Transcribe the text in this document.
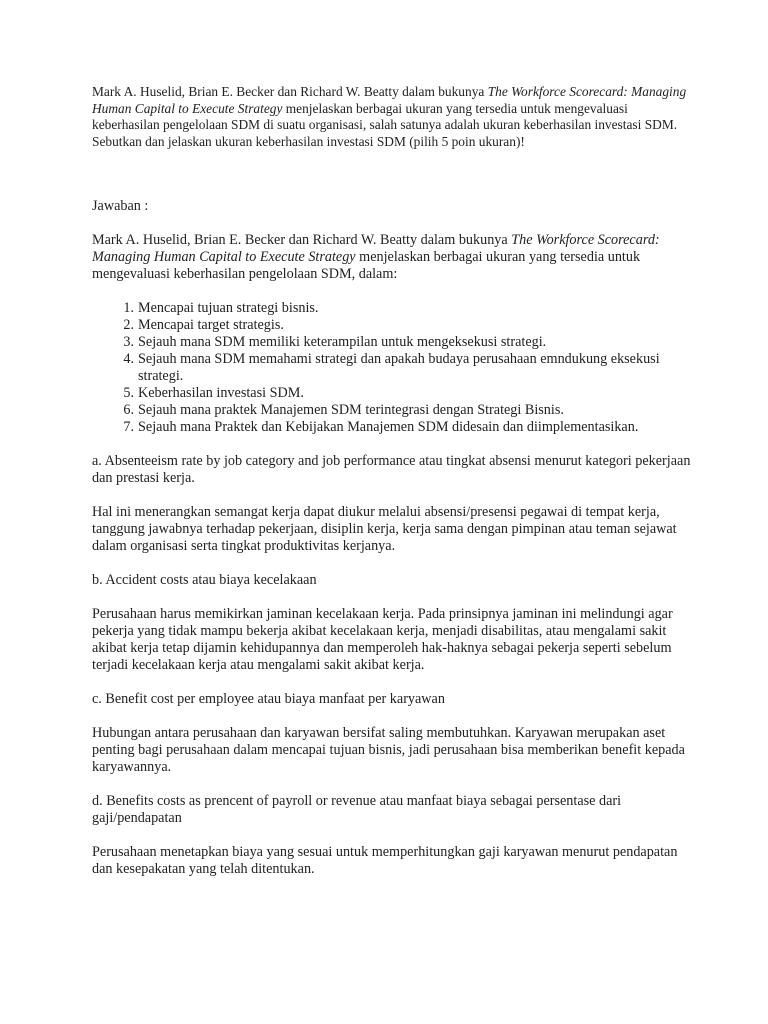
Mark A. Huselid, Brian E. Becker dan Richard W. Beatty dalam bukunya The Workforce Scorecard: Managing Human Capital to Execute Strategy menjelaskan berbagai ukuran yang tersedia untuk mengevaluasi keberhasilan pengelolaan SDM di suatu organisasi, salah satunya adalah ukuran keberhasilan investasi SDM. Sebutkan dan jelaskan ukuran keberhasilan investasi SDM (pilih 5 poin ukuran)!

Jawaban :

Mark A. Huselid, Brian E. Becker dan Richard W. Beatty dalam bukunya The Workforce Scorecard: Managing Human Capital to Execute Strategy menjelaskan berbagai ukuran yang tersedia untuk mengevaluasi keberhasilan pengelolaan SDM, dalam:

1. Mencapai tujuan strategi bisnis.
2. Mencapai target strategis.
3. Sejauh mana SDM memiliki keterampilan untuk mengeksekusi strategi.
4. Sejauh mana SDM memahami strategi dan apakah budaya perusahaan emndukung eksekusi strategi.
5. Keberhasilan investasi SDM.
6. Sejauh mana praktek Manajemen SDM terintegrasi dengan Strategi Bisnis.
7. Sejauh mana Praktek dan Kebijakan Manajemen SDM didesain dan diimplementasikan.

a. Absenteeism rate by job category and job performance atau tingkat absensi menurut kategori pekerjaan dan prestasi kerja.

Hal ini menerangkan semangat kerja dapat diukur melalui absensi/presensi pegawai di tempat kerja, tanggung jawabnya terhadap pekerjaan, disiplin kerja, kerja sama dengan pimpinan atau teman sejawat dalam organisasi serta tingkat produktivitas kerjanya.

b. Accident costs atau biaya kecelakaan

Perusahaan harus memikirkan jaminan kecelakaan kerja. Pada prinsipnya jaminan ini melindungi agar pekerja yang tidak mampu bekerja akibat kecelakaan kerja, menjadi disabilitas, atau mengalami sakit akibat kerja tetap dijamin kehidupannya dan memperoleh hak-haknya sebagai pekerja seperti sebelum terjadi kecelakaan kerja atau mengalami sakit akibat kerja.

c. Benefit cost per employee atau biaya manfaat per karyawan

Hubungan antara perusahaan dan karyawan bersifat saling membutuhkan. Karyawan merupakan aset penting bagi perusahaan dalam mencapai tujuan bisnis, jadi perusahaan bisa memberikan benefit kepada karyawannya.

d. Benefits costs as prencent of payroll or revenue atau manfaat biaya sebagai persentase dari gaji/pendapatan

Perusahaan menetapkan biaya yang sesuai untuk memperhitungkan gaji karyawan menurut pendapatan dan kesepakatan yang telah ditentukan.
